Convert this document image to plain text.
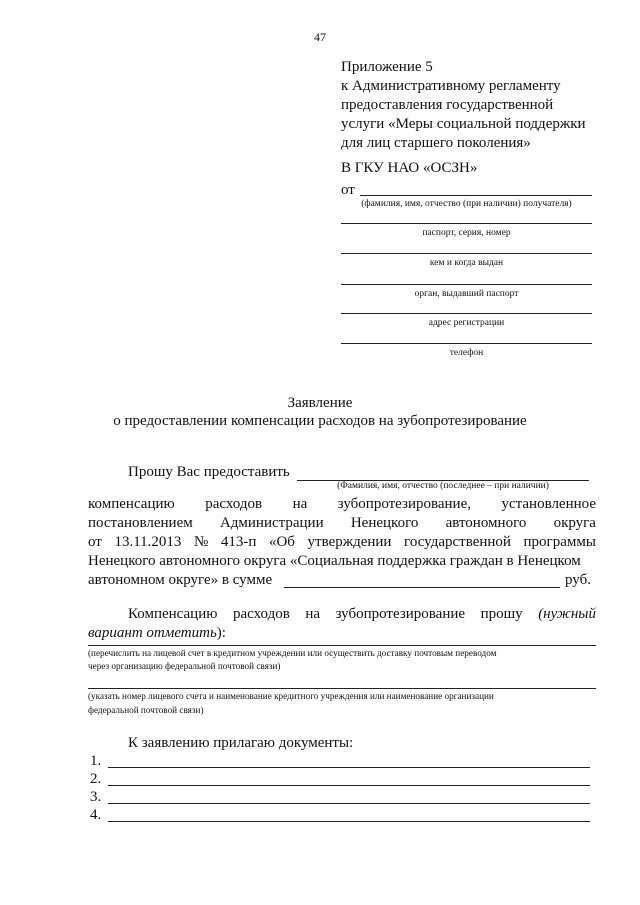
47
Приложение 5
к Административному регламенту
предоставления государственной
услуги «Меры социальной поддержки
для лиц старшего поколения»
В ГКУ НАО «ОСЗН»
от
(фамилия, имя, отчество (при наличии) получателя)
паспорт, серия, номер
кем и когда выдан
орган, выдавший паспорт
адрес регистрации
телефон
Заявление
о предоставлении компенсации расходов на зубопротезирование
Прошу Вас предоставить
(Фамилия, имя, отчество (последнее – при наличии)
компенсацию расходов на зубопротезирование, установленное
постановлением Администрации Ненецкого автономного округа
от 13.11.2013 № 413-п «Об утверждении государственной программы
Ненецкого автономного округа «Социальная поддержка граждан в Ненецком
автономном округе» в сумме	руб.
Компенсацию расходов на зубопротезирование прошу (нужный
вариант отметить):
(перечислить на лицевой счет в кредитном учреждении или осуществить доставку почтовым переводом
через организацию федеральной почтовой связи)
(указать номер лицевого счета и наименование кредитного учреждения или наименование организации
федеральной почтовой связи)
К заявлению прилагаю документы:
1.
2.
3.
4.
